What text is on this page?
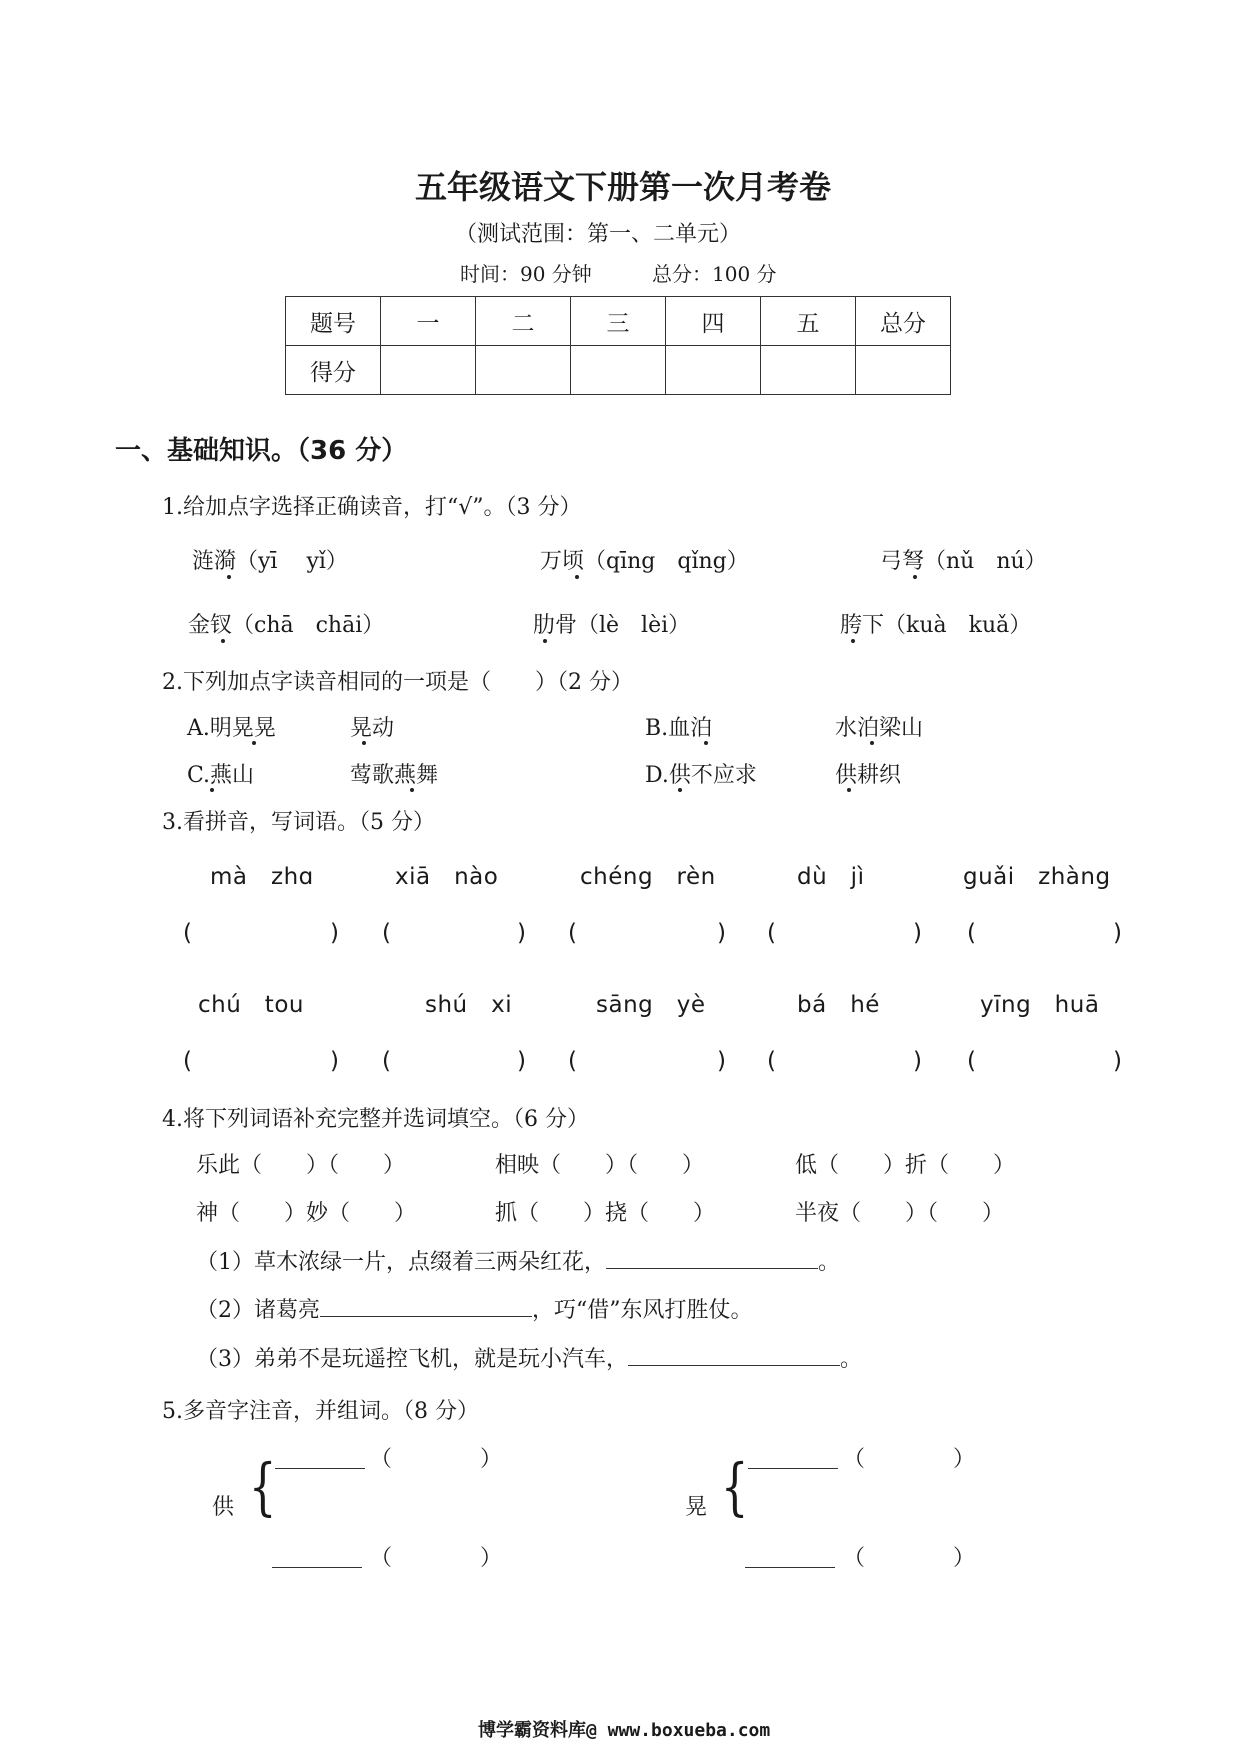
五年级语文下册第一次月考卷
（测试范围：第一、二单元）
时间：90 分钟	总分：100 分
题号	一	二	三	四	五	总分
得分						
一、基础知识。（36 分）
1.给加点字选择正确读音，打“√”。（3 分）
涟漪（yī　 yǐ）	万顷（qīng　qǐng）	弓弩（nǔ　nú）
金钗（chā　chāi）	肋骨（lè　lèi）	胯下（kuà　kuǎ）
2.下列加点字读音相同的一项是（　　）（2 分）
A.明晃晃	晃动	B.血泊	水泊梁山
C.燕山	莺歌燕舞	D.供不应求	供耕织
3.看拼音，写词语。（5 分）
mà　zhɑ	xiā　nào	chéng　rèn	dù　jì	guǎi　zhàng
(	) (	) (	) (	) (	)
chú　tou	shú　xi	sāng　yè	bá　hé	yīng　huā
(	) (	) (	) (	) (	)
4.将下列词语补充完整并选词填空。（6 分）
乐此（　　）（　　）	相映（　　）（　　）	低（　　）折（　　）
神（　　）妙（　　）	抓（　　）挠（　　）	半夜（　　）（　　）
（1）草木浓绿一片，点缀着三两朵红花，	。
（2）诸葛亮	，巧“借”东风打胜仗。
（3）弟弟不是玩遥控飞机，就是玩小汽车，	。
5.多音字注音，并组词。（8 分）
供 {	（　　　　）
（　　　　）
晃 {	（　　　　）
（　　　　）
博学霸资料库@ www.boxueba.com
